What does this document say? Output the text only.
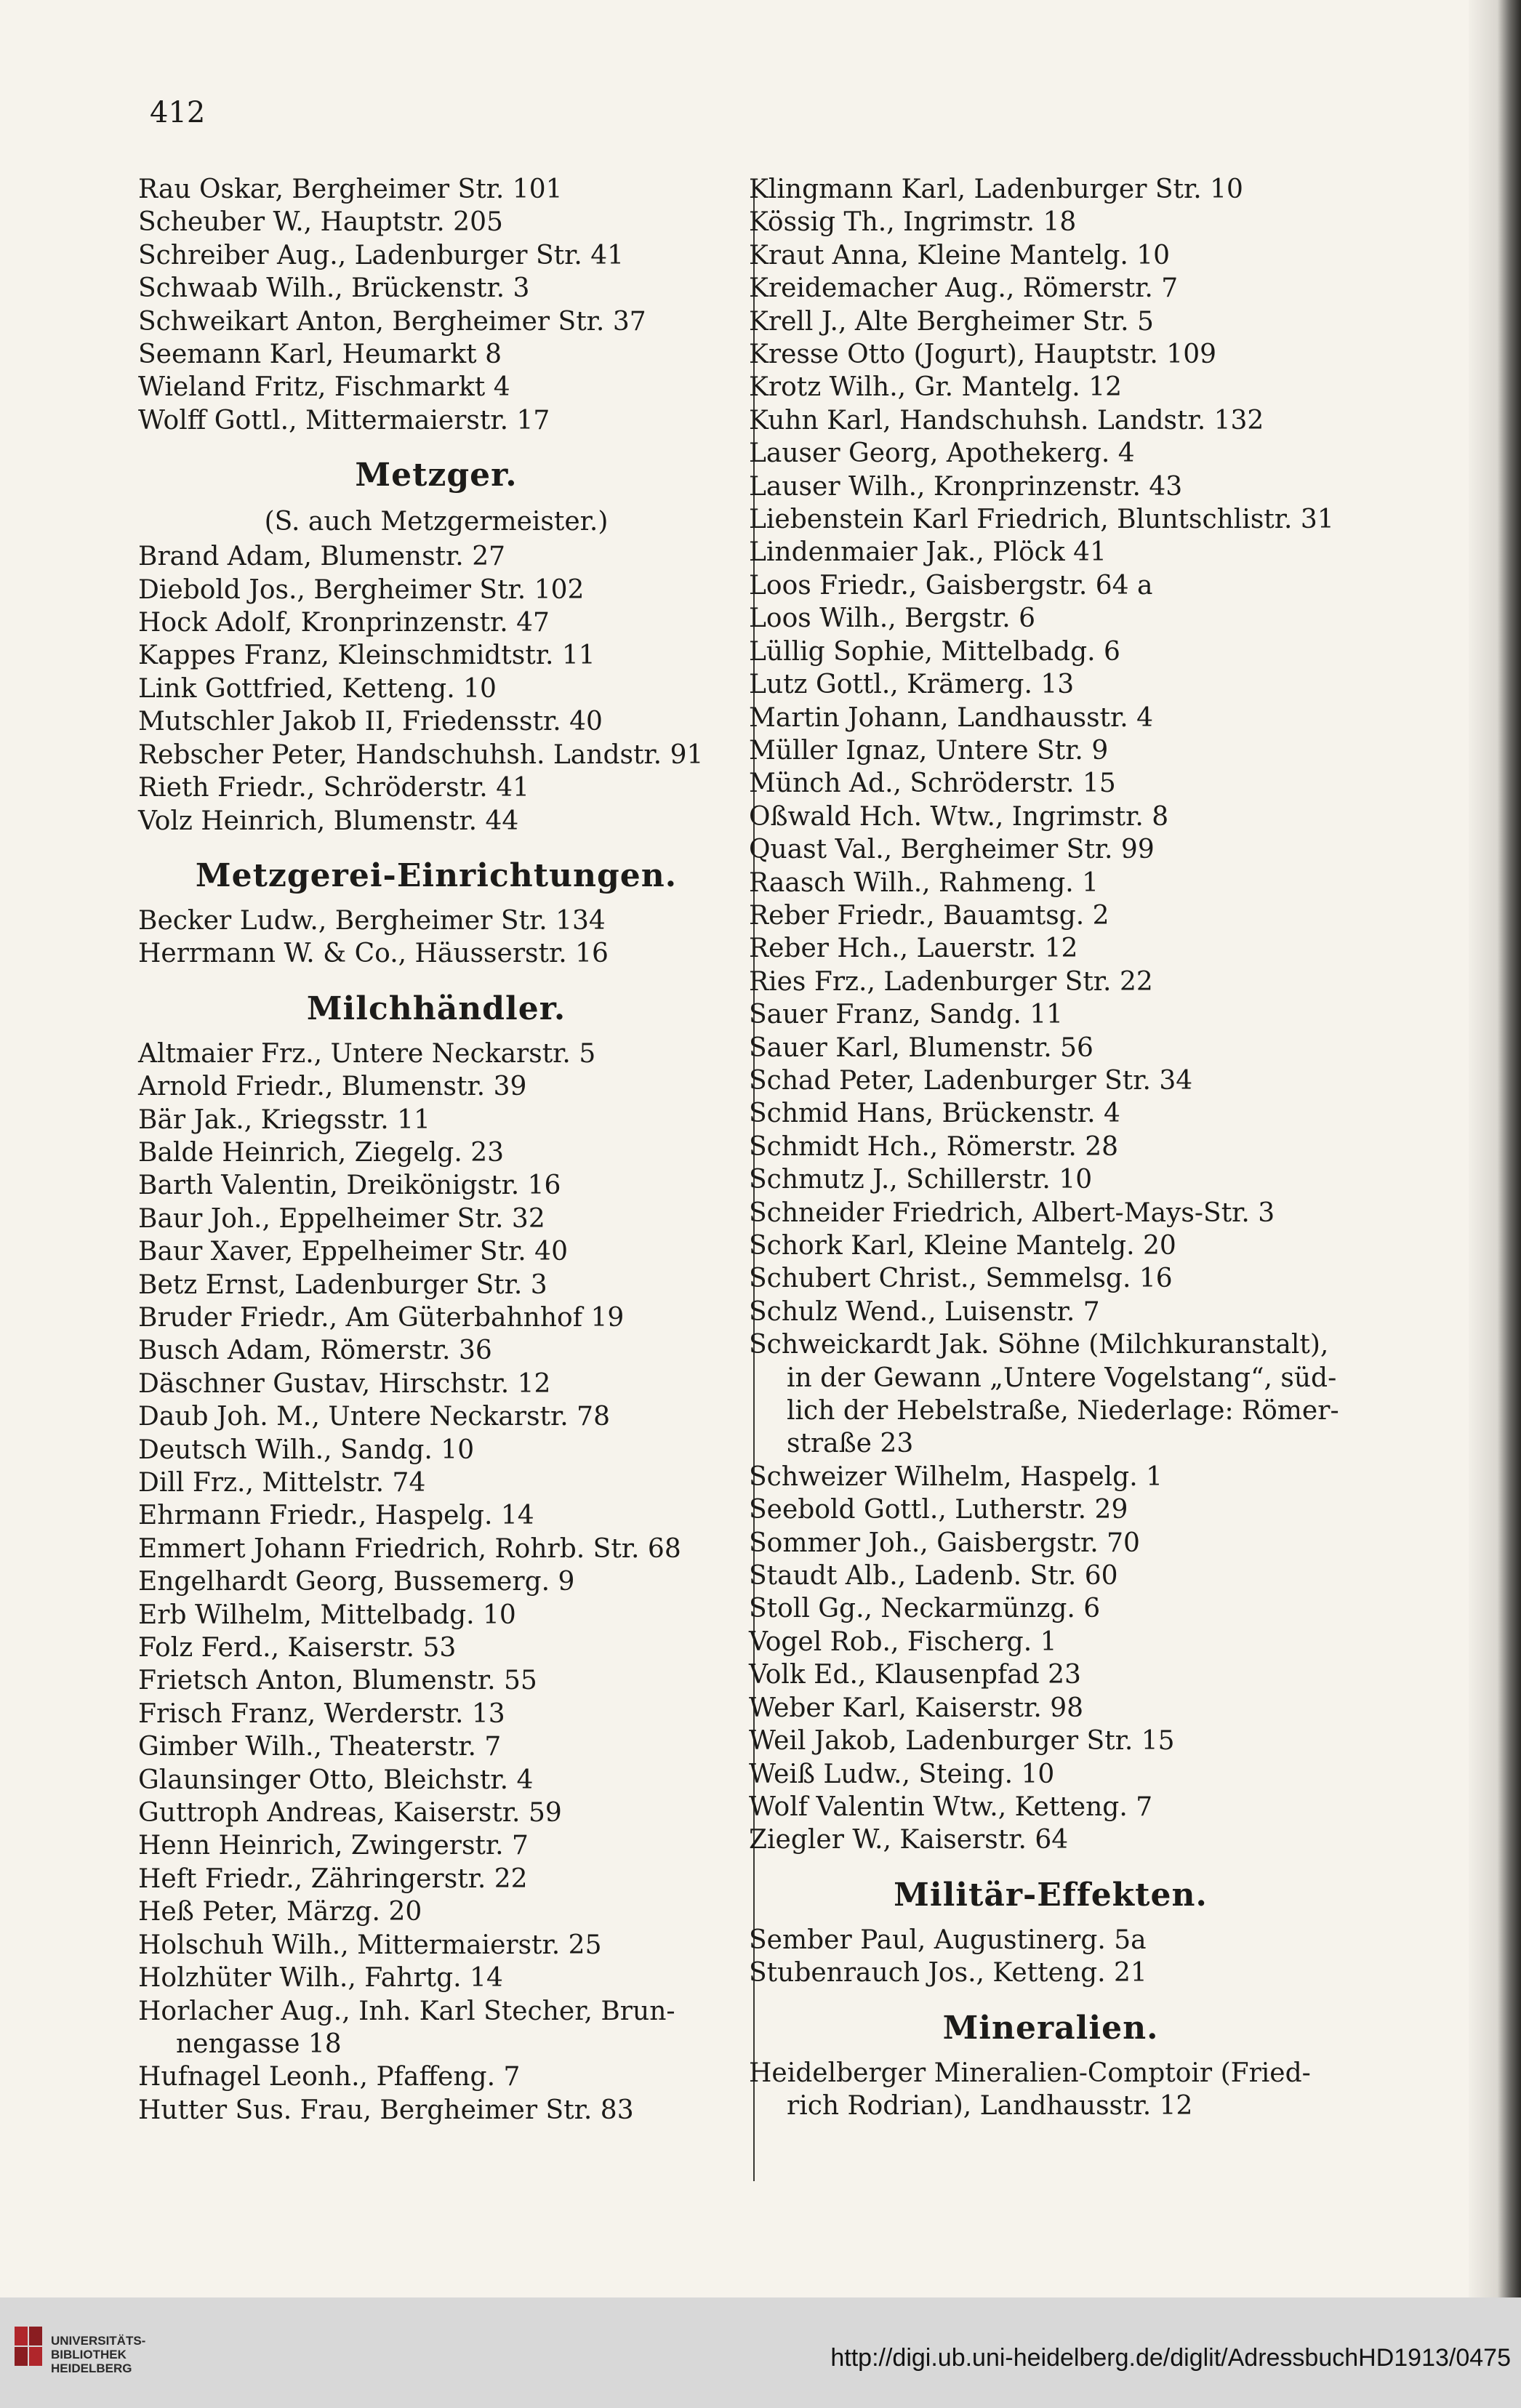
412
Rau Oskar, Bergheimer Str. 101
Scheuber W., Hauptstr. 205
Schreiber Aug., Ladenburger Str. 41
Schwaab Wilh., Brückenstr. 3
Schweikart Anton, Bergheimer Str. 37
Seemann Karl, Heumarkt 8
Wieland Fritz, Fischmarkt 4
Wolff Gottl., Mittermaierstr. 17
Metzger.
(S. auch Metzgermeister.)
Brand Adam, Blumenstr. 27
Diebold Jos., Bergheimer Str. 102
Hock Adolf, Kronprinzenstr. 47
Kappes Franz, Kleinschmidtstr. 11
Link Gottfried, Ketteng. 10
Mutschler Jakob II, Friedensstr. 40
Rebscher Peter, Handschuhsh. Landstr. 91
Rieth Friedr., Schröderstr. 41
Volz Heinrich, Blumenstr. 44
Metzgerei-Einrichtungen.
Becker Ludw., Bergheimer Str. 134
Herrmann W. & Co., Häusserstr. 16
Milchhändler.
Altmaier Frz., Untere Neckarstr. 5
Arnold Friedr., Blumenstr. 39
Bär Jak., Kriegsstr. 11
Balde Heinrich, Ziegelg. 23
Barth Valentin, Dreikönigstr. 16
Baur Joh., Eppelheimer Str. 32
Baur Xaver, Eppelheimer Str. 40
Betz Ernst, Ladenburger Str. 3
Bruder Friedr., Am Güterbahnhof 19
Busch Adam, Römerstr. 36
Däschner Gustav, Hirschstr. 12
Daub Joh. M., Untere Neckarstr. 78
Deutsch Wilh., Sandg. 10
Dill Frz., Mittelstr. 74
Ehrmann Friedr., Haspelg. 14
Emmert Johann Friedrich, Rohrb. Str. 68
Engelhardt Georg, Bussemerg. 9
Erb Wilhelm, Mittelbadg. 10
Folz Ferd., Kaiserstr. 53
Frietsch Anton, Blumenstr. 55
Frisch Franz, Werderstr. 13
Gimber Wilh., Theaterstr. 7
Glaunsinger Otto, Bleichstr. 4
Guttroph Andreas, Kaiserstr. 59
Henn Heinrich, Zwingerstr. 7
Heft Friedr., Zähringerstr. 22
Heß Peter, Märzg. 20
Holschuh Wilh., Mittermaierstr. 25
Holzhüter Wilh., Fahrtg. 14
Horlacher Aug., Inh. Karl Stecher, Brun-
nengasse 18
Hufnagel Leonh., Pfaffeng. 7
Hutter Sus. Frau, Bergheimer Str. 83
Klingmann Karl, Ladenburger Str. 10
Kössig Th., Ingrimstr. 18
Kraut Anna, Kleine Mantelg. 10
Kreidemacher Aug., Römerstr. 7
Krell J., Alte Bergheimer Str. 5
Kresse Otto (Jogurt), Hauptstr. 109
Krotz Wilh., Gr. Mantelg. 12
Kuhn Karl, Handschuhsh. Landstr. 132
Lauser Georg, Apothekerg. 4
Lauser Wilh., Kronprinzenstr. 43
Liebenstein Karl Friedrich, Bluntschlistr. 31
Lindenmaier Jak., Plöck 41
Loos Friedr., Gaisbergstr. 64 a
Loos Wilh., Bergstr. 6
Lüllig Sophie, Mittelbadg. 6
Lutz Gottl., Krämerg. 13
Martin Johann, Landhausstr. 4
Müller Ignaz, Untere Str. 9
Münch Ad., Schröderstr. 15
Oßwald Hch. Wtw., Ingrimstr. 8
Quast Val., Bergheimer Str. 99
Raasch Wilh., Rahmeng. 1
Reber Friedr., Bauamtsg. 2
Reber Hch., Lauerstr. 12
Ries Frz., Ladenburger Str. 22
Sauer Franz, Sandg. 11
Sauer Karl, Blumenstr. 56
Schad Peter, Ladenburger Str. 34
Schmid Hans, Brückenstr. 4
Schmidt Hch., Römerstr. 28
Schmutz J., Schillerstr. 10
Schneider Friedrich, Albert-Mays-Str. 3
Schork Karl, Kleine Mantelg. 20
Schubert Christ., Semmelsg. 16
Schulz Wend., Luisenstr. 7
Schweickardt Jak. Söhne (Milchkuranstalt),
in der Gewann „Untere Vogelstang“, süd-
lich der Hebelstraße, Niederlage: Römer-
straße 23
Schweizer Wilhelm, Haspelg. 1
Seebold Gottl., Lutherstr. 29
Sommer Joh., Gaisbergstr. 70
Staudt Alb., Ladenb. Str. 60
Stoll Gg., Neckarmünzg. 6
Vogel Rob., Fischerg. 1
Volk Ed., Klausenpfad 23
Weber Karl, Kaiserstr. 98
Weil Jakob, Ladenburger Str. 15
Weiß Ludw., Steing. 10
Wolf Valentin Wtw., Ketteng. 7
Ziegler W., Kaiserstr. 64
Militär-Effekten.
Sember Paul, Augustinerg. 5a
Stubenrauch Jos., Ketteng. 21
Mineralien.
Heidelberger Mineralien-Comptoir (Fried-
rich Rodrian), Landhausstr. 12
UNIVERSITÄTS-
BIBLIOTHEK
HEIDELBERG	http://digi.ub.uni-heidelberg.de/diglit/AdressbuchHD1913/0475
